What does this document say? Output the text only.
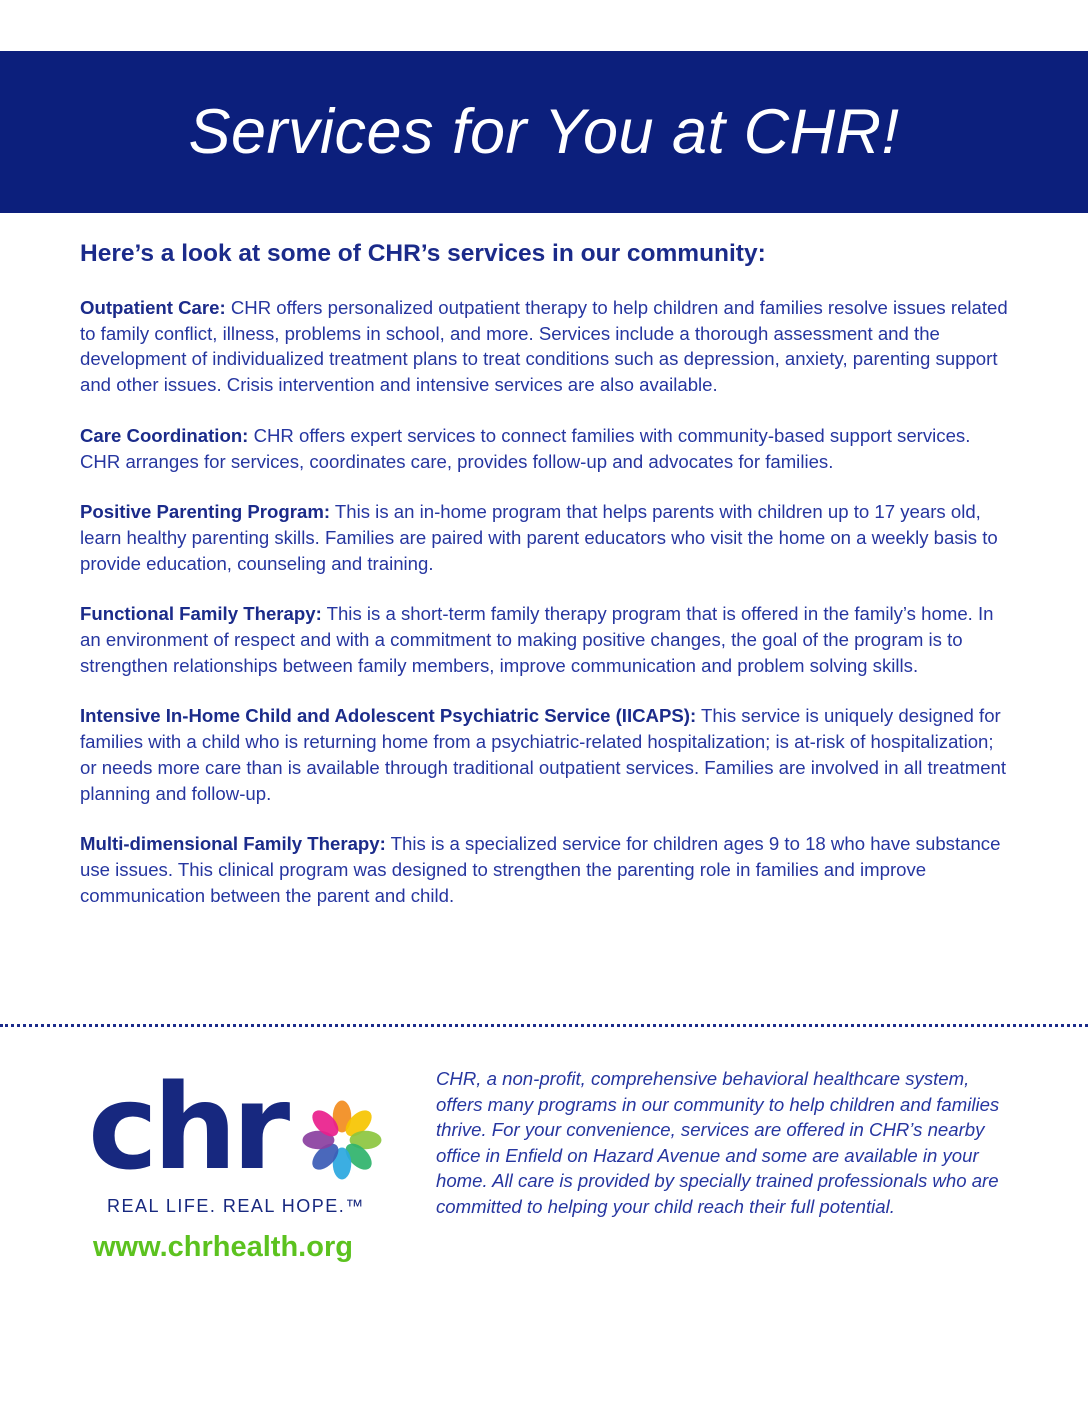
Services for You at CHR!
Here’s a look at some of CHR’s services in our community:

Outpatient Care: CHR offers personalized outpatient therapy to help children and families resolve issues related to family conflict, illness, problems in school, and more. Services include a thorough assessment and the development of individualized treatment plans to treat conditions such as depression, anxiety, parenting support and other issues. Crisis intervention and intensive services are also available.

Care Coordination: CHR offers expert services to connect families with community-based support services. CHR arranges for services, coordinates care, provides follow-up and advocates for families.

Positive Parenting Program: This is an in-home program that helps parents with children up to 17 years old, learn healthy parenting skills. Families are paired with parent educators who visit the home on a weekly basis to provide education, counseling and training.

Functional Family Therapy: This is a short-term family therapy program that is offered in the family’s home. In an environment of respect and with a commitment to making positive changes, the goal of the program is to strengthen relationships between family members, improve communication and problem solving skills.

Intensive In-Home Child and Adolescent Psychiatric Service (IICAPS): This service is uniquely designed for families with a child who is returning home from a psychiatric-related hospitalization; is at-risk of hospitalization; or needs more care than is available through traditional outpatient services. Families are involved in all treatment planning and follow-up.

Multi-dimensional Family Therapy: This is a specialized service for children ages 9 to 18 who have substance use issues. This clinical program was designed to strengthen the parenting role in families and improve communication between the parent and child.

chr
REAL LIFE. REAL HOPE.™
www.chrhealth.org

CHR, a non-profit, comprehensive behavioral healthcare system, offers many programs in our community to help children and families thrive. For your convenience, services are offered in CHR’s nearby office in Enfield on Hazard Avenue and some are available in your home. All care is provided by specially trained professionals who are committed to helping your child reach their full potential.
